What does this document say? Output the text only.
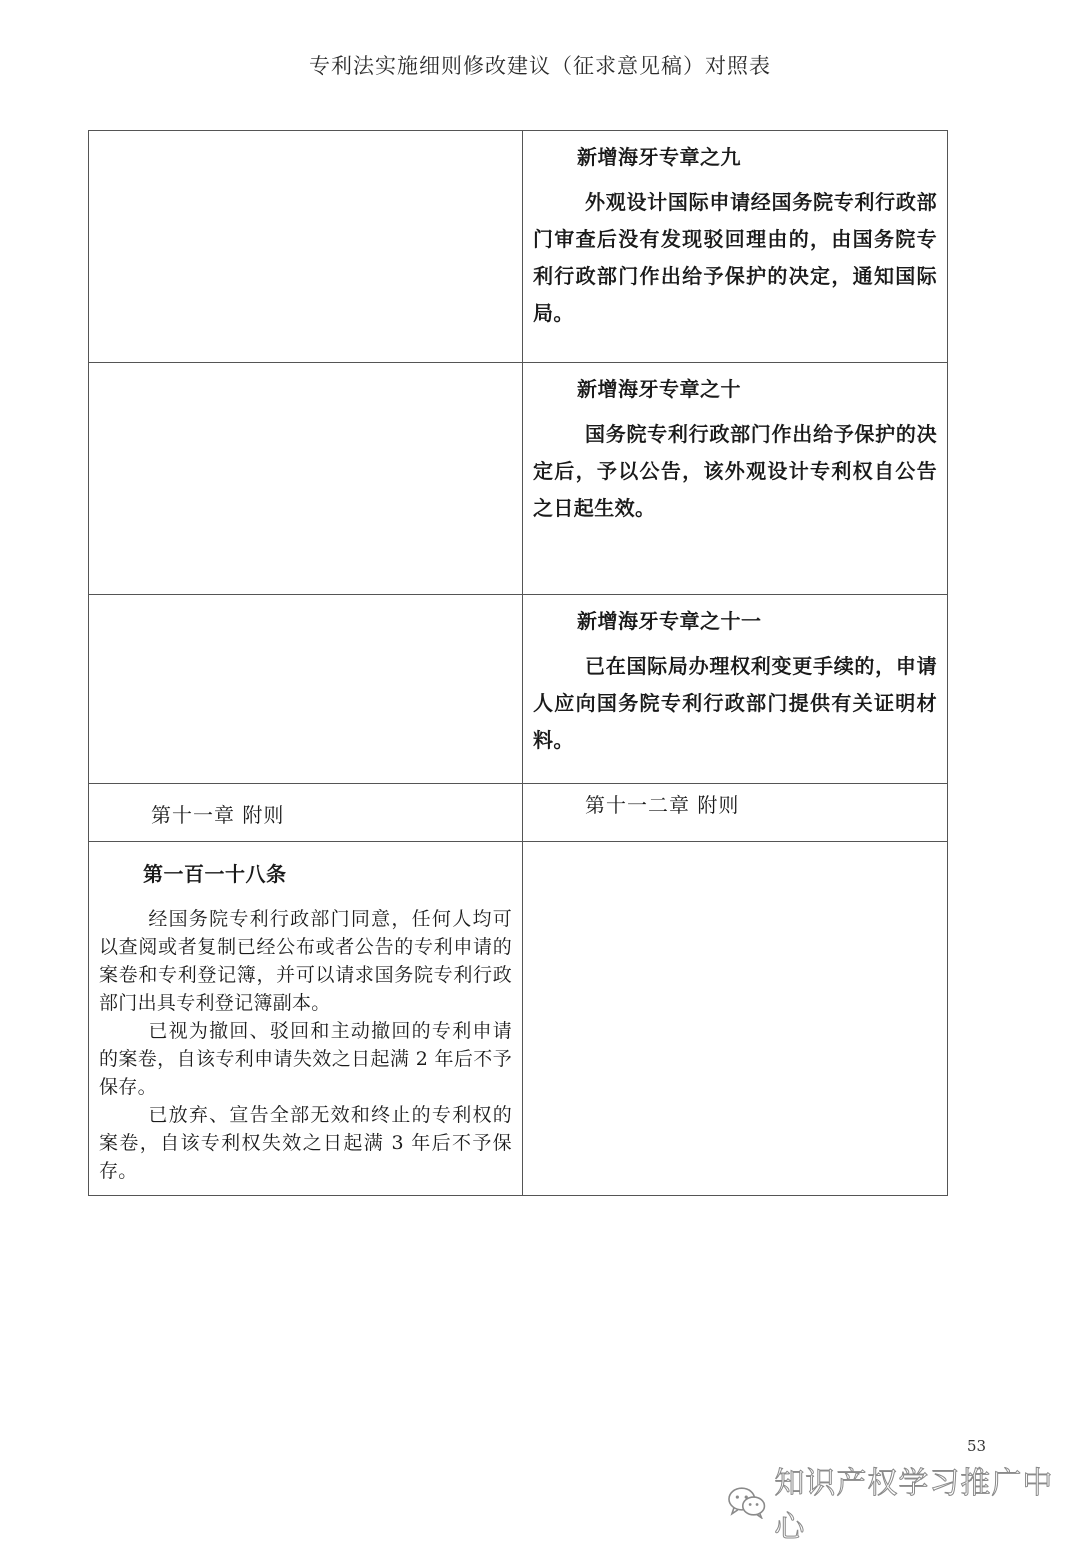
专利法实施细则修改建议（征求意见稿）对照表

	新增海牙专章之九
外观设计国际申请经国务院专利行政部门审查后没有发现驳回理由的，由国务院专利行政部门作出给予保护的决定，通知国际局。

	新增海牙专章之十
国务院专利行政部门作出给予保护的决定后，予以公告，该外观设计专利权自公告之日起生效。

	新增海牙专章之十一
已在国际局办理权利变更手续的，申请人应向国务院专利行政部门提供有关证明材料。

第十一章 附则	第十一二章 附则

第一百一十八条
经国务院专利行政部门同意，任何人均可以查阅或者复制已经公布或者公告的专利申请的案卷和专利登记簿，并可以请求国务院专利行政部门出具专利登记簿副本。
已视为撤回、驳回和主动撤回的专利申请的案卷，自该专利申请失效之日起满 2 年后不予保存。
已放弃、宣告全部无效和终止的专利权的案卷，自该专利权失效之日起满 3 年后不予保存。	

53
知识产权学习推广中心
